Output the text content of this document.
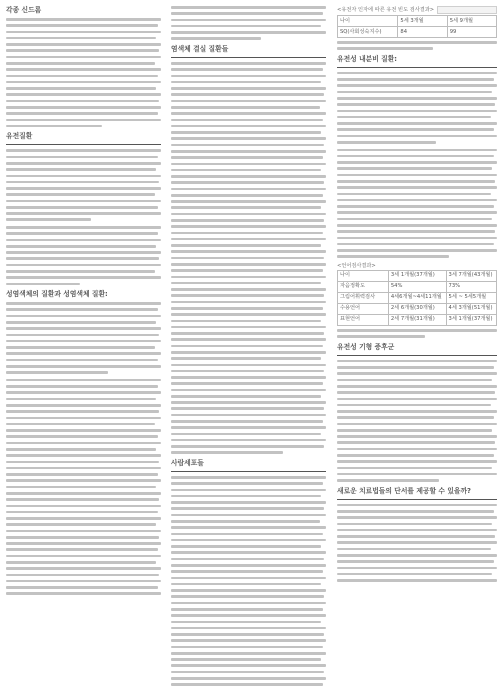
각종 신드롬
유전질환
성염색체의 질환과 성염색체 질환:
염색체 결실 질환들
사람세포들
<유전자 인자에 따른 유전 빈도 검사결과>
나이	5세 3개월	5세 9개월
SQ(사회성숙지수)	84	99
유전성 내분비 질환:
<언어검사결과>
나이	3세 1개월(37개월)	3세 7개월(43개월)
자음정확도	54%	73%
그림어휘력검사	4세6개월~4세11개월	5세 ~ 5세5개월
수용언어	2세 6개월(30개월)	4세 3개월(51개월)
표현언어	2세 7개월(31개월)	3세 1개월(37개월)
유전성 기형 증후군
새로운 치료법들의 단서를 제공할 수 있을까?
